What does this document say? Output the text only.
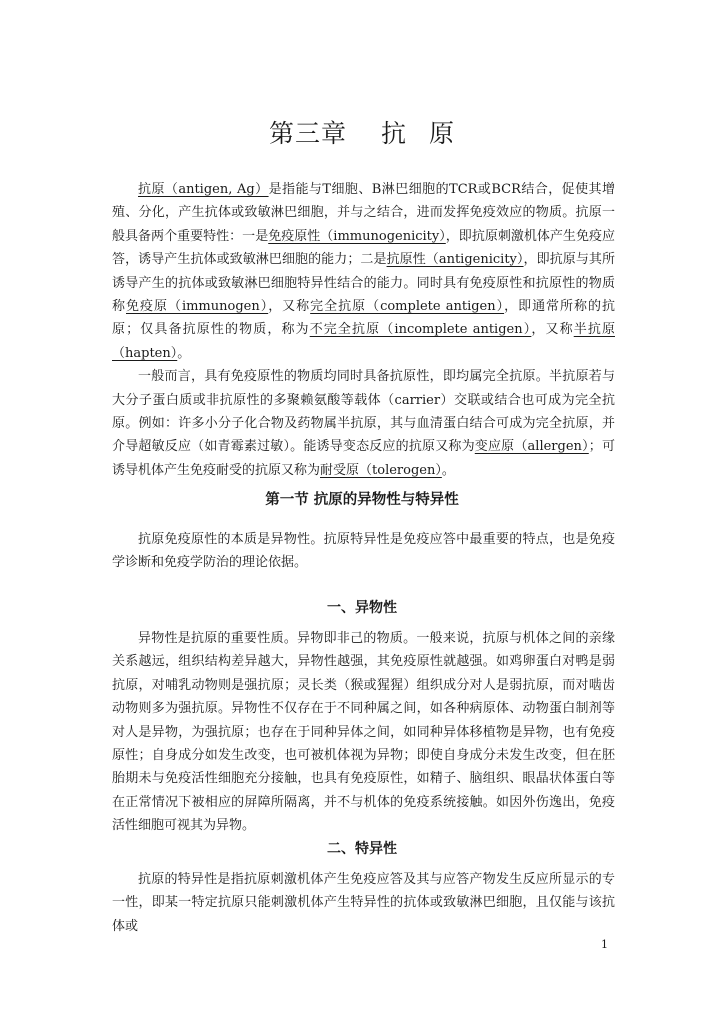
第三章 抗 原

抗原（antigen, Ag）是指能与T细胞、B淋巴细胞的TCR或BCR结合，促使其增殖、分化，产生抗体或致敏淋巴细胞，并与之结合，进而发挥免疫效应的物质。抗原一般具备两个重要特性：一是免疫原性（immunogenicity），即抗原刺激机体产生免疫应答，诱导产生抗体或致敏淋巴细胞的能力；二是抗原性（antigenicity），即抗原与其所诱导产生的抗体或致敏淋巴细胞特异性结合的能力。同时具有免疫原性和抗原性的物质称免疫原（immunogen），又称完全抗原（complete antigen），即通常所称的抗原；仅具备抗原性的物质，称为不完全抗原（incomplete antigen），又称半抗原（hapten）。

一般而言，具有免疫原性的物质均同时具备抗原性，即均属完全抗原。半抗原若与大分子蛋白质或非抗原性的多聚赖氨酸等载体（carrier）交联或结合也可成为完全抗原。例如：许多小分子化合物及药物属半抗原，其与血清蛋白结合可成为完全抗原，并介导超敏反应（如青霉素过敏）。能诱导变态反应的抗原又称为变应原（allergen）；可诱导机体产生免疫耐受的抗原又称为耐受原（tolerogen）。

第一节 抗原的异物性与特异性

抗原免疫原性的本质是异物性。抗原特异性是免疫应答中最重要的特点，也是免疫学诊断和免疫学防治的理论依据。

一、异物性

异物性是抗原的重要性质。异物即非己的物质。一般来说，抗原与机体之间的亲缘关系越远，组织结构差异越大，异物性越强，其免疫原性就越强。如鸡卵蛋白对鸭是弱抗原，对哺乳动物则是强抗原；灵长类（猴或猩猩）组织成分对人是弱抗原，而对啮齿动物则多为强抗原。异物性不仅存在于不同种属之间，如各种病原体、动物蛋白制剂等对人是异物，为强抗原；也存在于同种异体之间，如同种异体移植物是异物，也有免疫原性；自身成分如发生改变，也可被机体视为异物；即使自身成分未发生改变，但在胚胎期未与免疫活性细胞充分接触，也具有免疫原性，如精子、脑组织、眼晶状体蛋白等在正常情况下被相应的屏障所隔离，并不与机体的免疫系统接触。如因外伤逸出，免疫活性细胞可视其为异物。

二、特异性

抗原的特异性是指抗原刺激机体产生免疫应答及其与应答产物发生反应所显示的专一性，即某一特定抗原只能刺激机体产生特异性的抗体或致敏淋巴细胞，且仅能与该抗体或

1
